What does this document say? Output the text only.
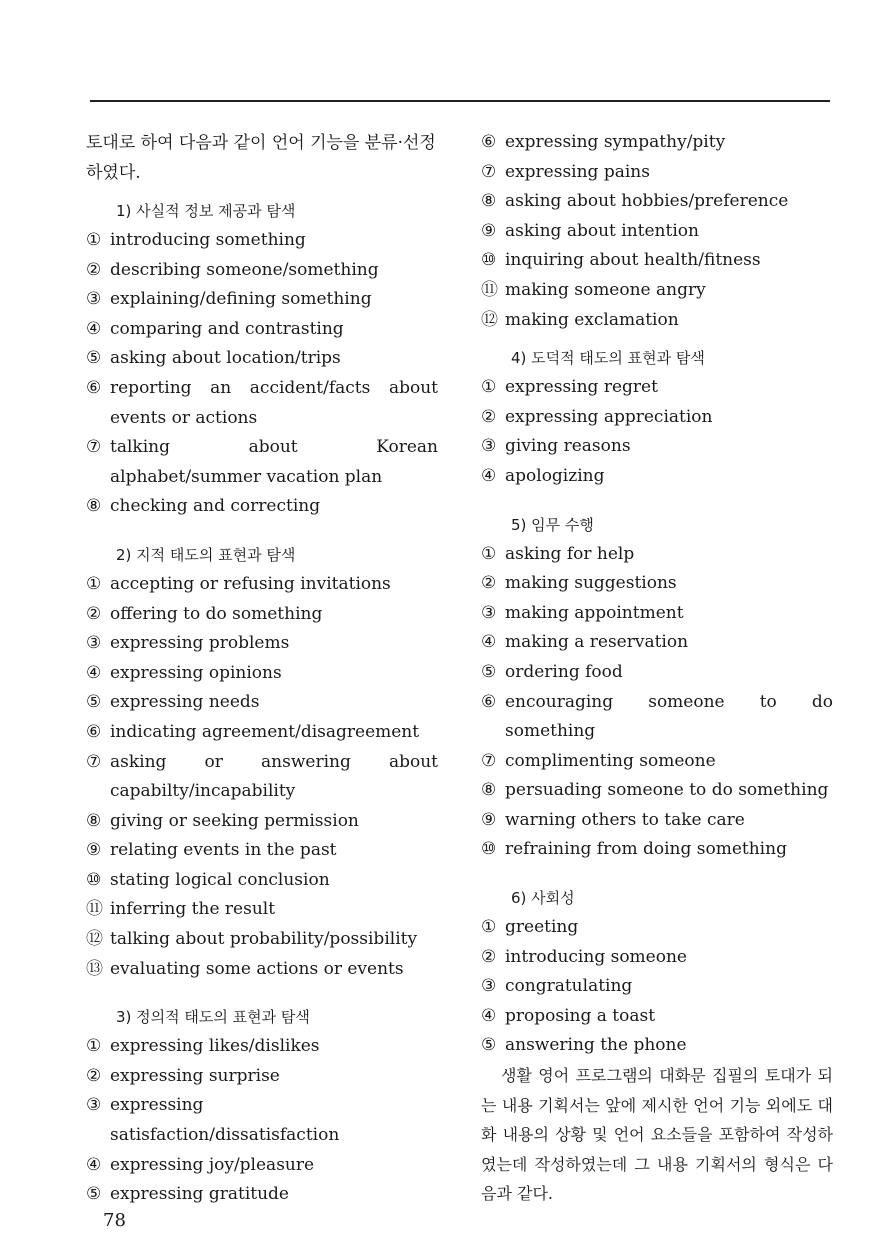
토대로 하여 다음과 같이 언어 기능을 분류·선정하였다.

1) 사실적 정보 제공과 탐색
① introducing something
② describing someone/something
③ explaining/defining something
④ comparing and contrasting
⑤ asking about location/trips
⑥ reporting an accident/facts about events or actions
⑦ talking about Korean alphabet/summer vacation plan
⑧ checking and correcting
2) 지적 태도의 표현과 탐색
① accepting or refusing invitations
② offering to do something
③ expressing problems
④ expressing opinions
⑤ expressing needs
⑥ indicating agreement/disagreement
⑦ asking or answering about capabilty/incapability
⑧ giving or seeking permission
⑨ relating events in the past
⑩ stating logical conclusion
⑪ inferring the result
⑫ talking about probability/possibility
⑬ evaluating some actions or events
3) 정의적 태도의 표현과 탐색
① expressing likes/dislikes
② expressing surprise
③ expressing satisfaction/dissatisfaction
④ expressing joy/pleasure
⑤ expressing gratitude
⑥ expressing sympathy/pity
⑦ expressing pains
⑧ asking about hobbies/preference
⑨ asking about intention
⑩ inquiring about health/fitness
⑪ making someone angry
⑫ making exclamation
4) 도덕적 태도의 표현과 탐색
① expressing regret
② expressing appreciation
③ giving reasons
④ apologizing
5) 임무 수행
① asking for help
② making suggestions
③ making appointment
④ making a reservation
⑤ ordering food
⑥ encouraging someone to do something
⑦ complimenting someone
⑧ persuading someone to do something
⑨ warning others to take care
⑩ refraining from doing something
6) 사회성
① greeting
② introducing someone
③ congratulating
④ proposing a toast
⑤ answering the phone

생활 영어 프로그램의 대화문 집필의 토대가 되는 내용 기획서는 앞에 제시한 언어 기능 외에도 대화 내용의 상황 및 언어 요소들을 포함하여 작성하였는데 작성하였는데 그 내용 기획서의 형식은 다음과 같다.

78
